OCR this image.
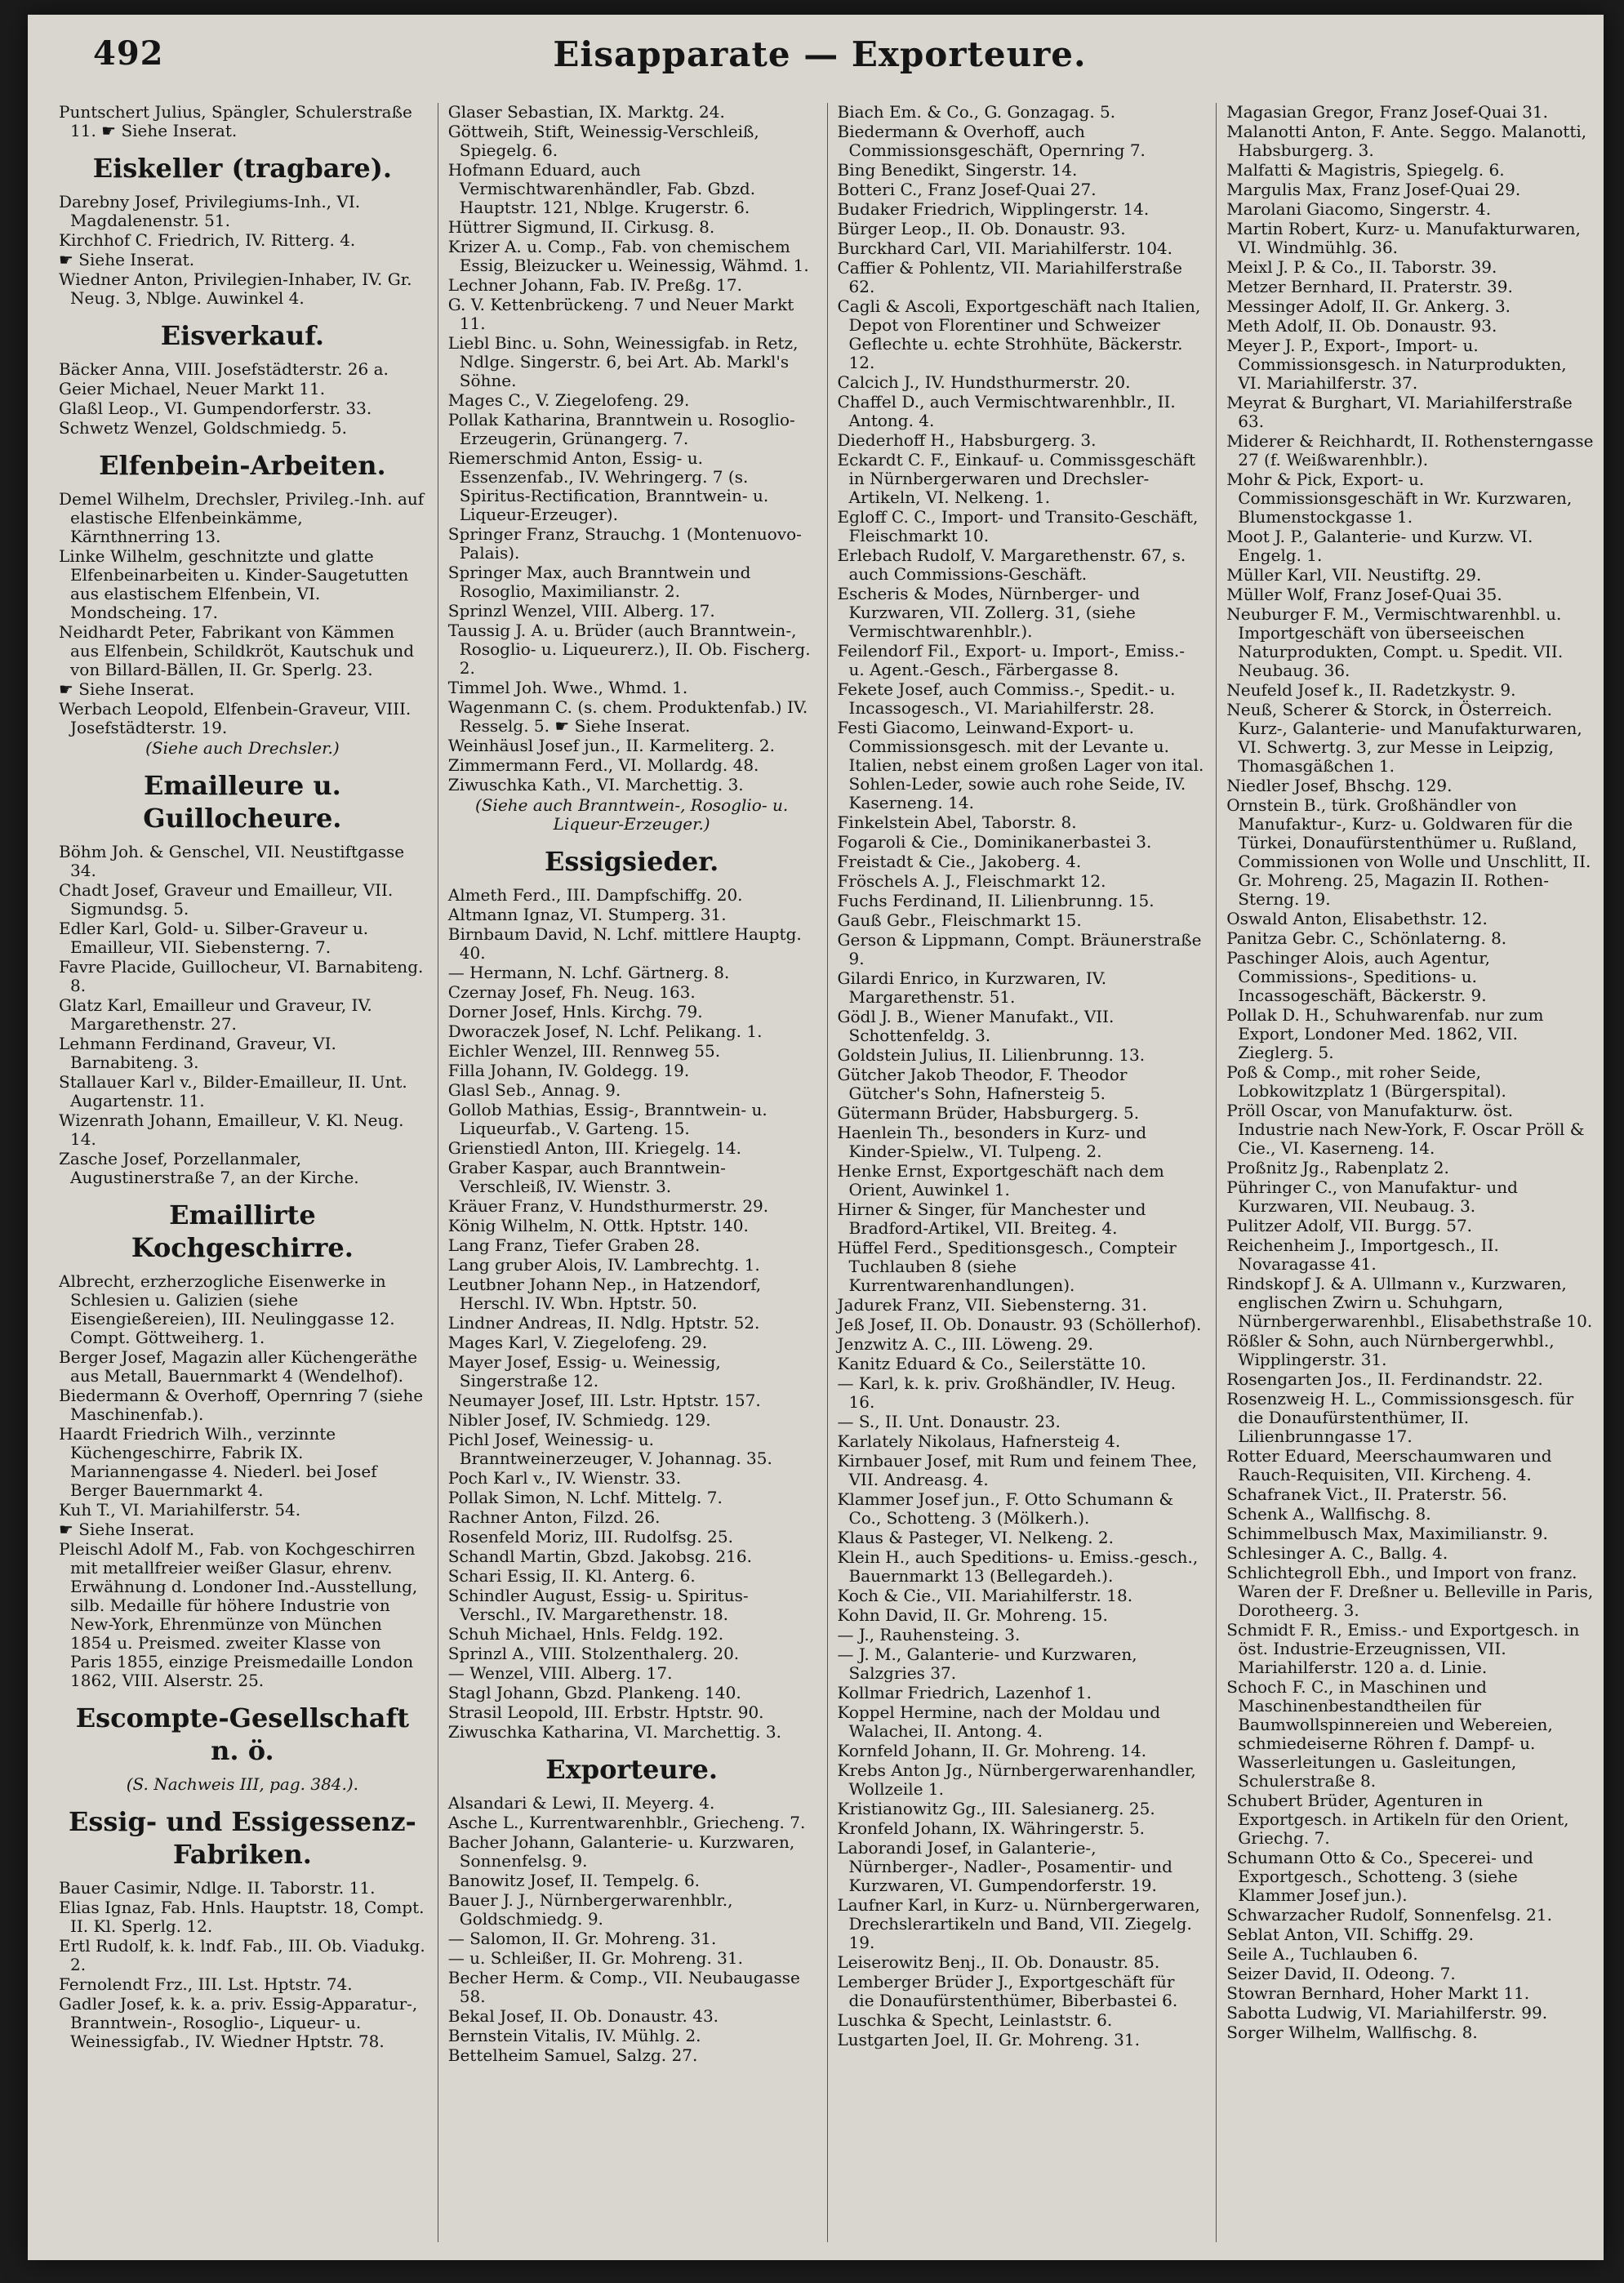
492	Eisapparate — Exporteure.
Puntschert Julius, Spängler, Schulerstraße 11. ☛ Siehe Inserat.
Eiskeller (tragbare).
Darebny Josef, Privilegiums-Inh., VI. Magdalenenstr. 51.
Kirchhof C. Friedrich, IV. Ritterg. 4.
☛ Siehe Inserat.
Wiedner Anton, Privilegien-Inhaber, IV. Gr. Neug. 3, Nblge. Auwinkel 4.
Eisverkauf.
Bäcker Anna, VIII. Josefstädterstr. 26 a.
Geier Michael, Neuer Markt 11.
Glaßl Leop., VI. Gumpendorferstr. 33.
Schwetz Wenzel, Goldschmiedg. 5.
Elfenbein-Arbeiten.
Demel Wilhelm, Drechsler, Privileg.-Inh. auf elastische Elfenbeinkämme, Kärnthnerring 13.
Linke Wilhelm, geschnitzte und glatte Elfenbeinarbeiten u. Kinder-Saugetutten aus elastischem Elfenbein, VI. Mondscheing. 17.
Neidhardt Peter, Fabrikant von Kämmen aus Elfenbein, Schildkröt, Kautschuk und von Billard-Bällen, II. Gr. Sperlg. 23.
☛ Siehe Inserat.
Werbach Leopold, Elfenbein-Graveur, VIII. Josefstädterstr. 19.
(Siehe auch Drechsler.)
Emailleure u. Guillocheure.
Böhm Joh. & Genschel, VII. Neustiftgasse 34.
Chadt Josef, Graveur und Emailleur, VII. Sigmundsg. 5.
Edler Karl, Gold- u. Silber-Graveur u. Emailleur, VII. Siebensterng. 7.
Favre Placide, Guillocheur, VI. Barnabiteng. 8.
Glatz Karl, Emailleur und Graveur, IV. Margarethenstr. 27.
Lehmann Ferdinand, Graveur, VI. Barnabiteng. 3.
Stallauer Karl v., Bilder-Emailleur, II. Unt. Augartenstr. 11.
Wizenrath Johann, Emailleur, V. Kl. Neug. 14.
Zasche Josef, Porzellanmaler, Augustinerstraße 7, an der Kirche.
Emaillirte Kochgeschirre.
Albrecht, erzherzogliche Eisenwerke in Schlesien u. Galizien (siehe Eisengießereien), III. Neulinggasse 12. Compt. Göttweiherg. 1.
Berger Josef, Magazin aller Küchengeräthe aus Metall, Bauernmarkt 4 (Wendelhof).
Biedermann & Overhoff, Opernring 7 (siehe Maschinenfab.).
Haardt Friedrich Wilh., verzinnte Küchengeschirre, Fabrik IX. Mariannengasse 4. Niederl. bei Josef Berger Bauernmarkt 4.
Kuh T., VI. Mariahilferstr. 54.
☛ Siehe Inserat.
Pleischl Adolf M., Fab. von Kochgeschirren mit metallfreier weißer Glasur, ehrenv. Erwähnung d. Londoner Ind.-Ausstellung, silb. Medaille für höhere Industrie von New-York, Ehrenmünze von München 1854 u. Preismed. zweiter Klasse von Paris 1855, einzige Preismedaille London 1862, VIII. Alserstr. 25.
Escompte-Gesellschaft n. ö.
(S. Nachweis III, pag. 384.).
Essig- und Essigessenz-Fabriken.
Bauer Casimir, Ndlge. II. Taborstr. 11.
Elias Ignaz, Fab. Hnls. Hauptstr. 18, Compt. II. Kl. Sperlg. 12.
Ertl Rudolf, k. k. lndf. Fab., III. Ob. Viadukg. 2.
Fernolendt Frz., III. Lst. Hptstr. 74.
Gadler Josef, k. k. a. priv. Essig-Apparatur-, Branntwein-, Rosoglio-, Liqueur- u. Weinessigfab., IV. Wiedner Hptstr. 78.
Glaser Sebastian, IX. Marktg. 24.
Göttweih, Stift, Weinessig-Verschleiß, Spiegelg. 6.
Hofmann Eduard, auch Vermischtwarenhändler, Fab. Gbzd. Hauptstr. 121, Nblge. Krugerstr. 6.
Hüttrer Sigmund, II. Cirkusg. 8.
Krizer A. u. Comp., Fab. von chemischem Essig, Bleizucker u. Weinessig, Wähmd. 1.
Lechner Johann, Fab. IV. Preßg. 17.
G. V. Kettenbrückeng. 7 und Neuer Markt 11.
Liebl Binc. u. Sohn, Weinessigfab. in Retz, Ndlge. Singerstr. 6, bei Art. Ab. Markl's Söhne.
Mages C., V. Ziegelofeng. 29.
Pollak Katharina, Branntwein u. Rosoglio-Erzeugerin, Grünangerg. 7.
Riemerschmid Anton, Essig- u. Essenzenfab., IV. Wehringerg. 7 (s. Spiritus-Rectification, Branntwein- u. Liqueur-Erzeuger).
Springer Franz, Strauchg. 1 (Montenuovo-Palais).
Springer Max, auch Branntwein und Rosoglio, Maximilianstr. 2.
Sprinzl Wenzel, VIII. Alberg. 17.
Taussig J. A. u. Brüder (auch Branntwein-, Rosoglio- u. Liqueurerz.), II. Ob. Fischerg. 2.
Timmel Joh. Wwe., Whmd. 1.
Wagenmann C. (s. chem. Produktenfab.) IV. Resselg. 5. ☛ Siehe Inserat.
Weinhäusl Josef jun., II. Karmeliterg. 2.
Zimmermann Ferd., VI. Mollardg. 48.
Ziwuschka Kath., VI. Marchettig. 3.
(Siehe auch Branntwein-, Rosoglio- u. Liqueur-Erzeuger.)
Essigsieder.
Almeth Ferd., III. Dampfschiffg. 20.
Altmann Ignaz, VI. Stumperg. 31.
Birnbaum David, N. Lchf. mittlere Hauptg. 40.
— Hermann, N. Lchf. Gärtnerg. 8.
Czernay Josef, Fh. Neug. 163.
Dorner Josef, Hnls. Kirchg. 79.
Dworaczek Josef, N. Lchf. Pelikang. 1.
Eichler Wenzel, III. Rennweg 55.
Filla Johann, IV. Goldegg. 19.
Glasl Seb., Annag. 9.
Gollob Mathias, Essig-, Branntwein- u. Liqueurfab., V. Garteng. 15.
Grienstiedl Anton, III. Kriegelg. 14.
Graber Kaspar, auch Branntwein-Verschleiß, IV. Wienstr. 3.
Kräuer Franz, V. Hundsthurmerstr. 29.
König Wilhelm, N. Ottk. Hptstr. 140.
Lang Franz, Tiefer Graben 28.
Lang gruber Alois, IV. Lambrechtg. 1.
Leutbner Johann Nep., in Hatzendorf, Herschl. IV. Wbn. Hptstr. 50.
Lindner Andreas, II. Ndlg. Hptstr. 52.
Mages Karl, V. Ziegelofeng. 29.
Mayer Josef, Essig- u. Weinessig, Singerstraße 12.
Neumayer Josef, III. Lstr. Hptstr. 157.
Nibler Josef, IV. Schmiedg. 129.
Pichl Josef, Weinessig- u. Branntweinerzeuger, V. Johannag. 35.
Poch Karl v., IV. Wienstr. 33.
Pollak Simon, N. Lchf. Mittelg. 7.
Rachner Anton, Filzd. 26.
Rosenfeld Moriz, III. Rudolfsg. 25.
Schandl Martin, Gbzd. Jakobsg. 216.
Schari Essig, II. Kl. Anterg. 6.
Schindler August, Essig- u. Spiritus-Verschl., IV. Margarethenstr. 18.
Schuh Michael, Hnls. Feldg. 192.
Sprinzl A., VIII. Stolzenthalerg. 20.
— Wenzel, VIII. Alberg. 17.
Stagl Johann, Gbzd. Plankeng. 140.
Strasil Leopold, III. Erbstr. Hptstr. 90.
Ziwuschka Katharina, VI. Marchettig. 3.
Exporteure.
Alsandari & Lewi, II. Meyerg. 4.
Asche L., Kurrentwarenhblr., Griecheng. 7.
Bacher Johann, Galanterie- u. Kurzwaren, Sonnenfelsg. 9.
Banowitz Josef, II. Tempelg. 6.
Bauer J. J., Nürnbergerwarenhblr., Goldschmiedg. 9.
— Salomon, II. Gr. Mohreng. 31.
— u. Schleißer, II. Gr. Mohreng. 31.
Becher Herm. & Comp., VII. Neubaugasse 58.
Bekal Josef, II. Ob. Donaustr. 43.
Bernstein Vitalis, IV. Mühlg. 2.
Bettelheim Samuel, Salzg. 27.
Biach Em. & Co., G. Gonzagag. 5.
Biedermann & Overhoff, auch Commissionsgeschäft, Opernring 7.
Bing Benedikt, Singerstr. 14.
Botteri C., Franz Josef-Quai 27.
Budaker Friedrich, Wipplingerstr. 14.
Bürger Leop., II. Ob. Donaustr. 93.
Burckhard Carl, VII. Mariahilferstr. 104.
Caffier & Pohlentz, VII. Mariahilferstraße 62.
Cagli & Ascoli, Exportgeschäft nach Italien, Depot von Florentiner und Schweizer Geflechte u. echte Strohhüte, Bäckerstr. 12.
Calcich J., IV. Hundsthurmerstr. 20.
Chaffel D., auch Vermischtwarenhblr., II. Antong. 4.
Diederhoff H., Habsburgerg. 3.
Eckardt C. F., Einkauf- u. Commissgeschäft in Nürnbergerwaren und Drechsler-Artikeln, VI. Nelkeng. 1.
Egloff C. C., Import- und Transito-Geschäft, Fleischmarkt 10.
Erlebach Rudolf, V. Margarethenstr. 67, s. auch Commissions-Geschäft.
Escheris & Modes, Nürnberger- und Kurzwaren, VII. Zollerg. 31, (siehe Vermischtwarenhblr.).
Feilendorf Fil., Export- u. Import-, Emiss.- u. Agent.-Gesch., Färbergasse 8.
Fekete Josef, auch Commiss.-, Spedit.- u. Incassogesch., VI. Mariahilferstr. 28.
Festi Giacomo, Leinwand-Export- u. Commissionsgesch. mit der Levante u. Italien, nebst einem großen Lager von ital. Sohlen-Leder, sowie auch rohe Seide, IV. Kaserneng. 14.
Finkelstein Abel, Taborstr. 8.
Fogaroli & Cie., Dominikanerbastei 3.
Freistadt & Cie., Jakoberg. 4.
Fröschels A. J., Fleischmarkt 12.
Fuchs Ferdinand, II. Lilienbrunng. 15.
Gauß Gebr., Fleischmarkt 15.
Gerson & Lippmann, Compt. Bräunerstraße 9.
Gilardi Enrico, in Kurzwaren, IV. Margarethenstr. 51.
Gödl J. B., Wiener Manufakt., VII. Schottenfeldg. 3.
Goldstein Julius, II. Lilienbrunng. 13.
Gütcher Jakob Theodor, F. Theodor Gütcher's Sohn, Hafnersteig 5.
Gütermann Brüder, Habsburgerg. 5.
Haenlein Th., besonders in Kurz- und Kinder-Spielw., VI. Tulpeng. 2.
Henke Ernst, Exportgeschäft nach dem Orient, Auwinkel 1.
Hirner & Singer, für Manchester und Bradford-Artikel, VII. Breiteg. 4.
Hüffel Ferd., Speditionsgesch., Compteir Tuchlauben 8 (siehe Kurrentwarenhandlungen).
Jadurek Franz, VII. Siebensterng. 31.
Jeß Josef, II. Ob. Donaustr. 93 (Schöllerhof).
Jenzwitz A. C., III. Löweng. 29.
Kanitz Eduard & Co., Seilerstätte 10.
— Karl, k. k. priv. Großhändler, IV. Heug. 16.
— S., II. Unt. Donaustr. 23.
Karlately Nikolaus, Hafnersteig 4.
Kirnbauer Josef, mit Rum und feinem Thee, VII. Andreasg. 4.
Klammer Josef jun., F. Otto Schumann & Co., Schotteng. 3 (Mölkerh.).
Klaus & Pasteger, VI. Nelkeng. 2.
Klein H., auch Speditions- u. Emiss.-gesch., Bauernmarkt 13 (Bellegardeh.).
Koch & Cie., VII. Mariahilferstr. 18.
Kohn David, II. Gr. Mohreng. 15.
— J., Rauhensteing. 3.
— J. M., Galanterie- und Kurzwaren, Salzgries 37.
Kollmar Friedrich, Lazenhof 1.
Koppel Hermine, nach der Moldau und Walachei, II. Antong. 4.
Kornfeld Johann, II. Gr. Mohreng. 14.
Krebs Anton Jg., Nürnbergerwarenhandler, Wollzeile 1.
Kristianowitz Gg., III. Salesianerg. 25.
Kronfeld Johann, IX. Währingerstr. 5.
Laborandi Josef, in Galanterie-, Nürnberger-, Nadler-, Posamentir- und Kurzwaren, VI. Gumpendorferstr. 19.
Laufner Karl, in Kurz- u. Nürnbergerwaren, Drechslerartikeln und Band, VII. Ziegelg. 19.
Leiserowitz Benj., II. Ob. Donaustr. 85.
Lemberger Brüder J., Exportgeschäft für die Donaufürstenthümer, Biberbastei 6.
Luschka & Specht, Leinlaststr. 6.
Lustgarten Joel, II. Gr. Mohreng. 31.
Magasian Gregor, Franz Josef-Quai 31.
Malanotti Anton, F. Ante. Seggo. Malanotti, Habsburgerg. 3.
Malfatti & Magistris, Spiegelg. 6.
Margulis Max, Franz Josef-Quai 29.
Marolani Giacomo, Singerstr. 4.
Martin Robert, Kurz- u. Manufakturwaren, VI. Windmühlg. 36.
Meixl J. P. & Co., II. Taborstr. 39.
Metzer Bernhard, II. Praterstr. 39.
Messinger Adolf, II. Gr. Ankerg. 3.
Meth Adolf, II. Ob. Donaustr. 93.
Meyer J. P., Export-, Import- u. Commissionsgesch. in Naturprodukten, VI. Mariahilferstr. 37.
Meyrat & Burghart, VI. Mariahilferstraße 63.
Miderer & Reichhardt, II. Rothensterngasse 27 (f. Weißwarenhblr.).
Mohr & Pick, Export- u. Commissionsgeschäft in Wr. Kurzwaren, Blumenstockgasse 1.
Moot J. P., Galanterie- und Kurzw. VI. Engelg. 1.
Müller Karl, VII. Neustiftg. 29.
Müller Wolf, Franz Josef-Quai 35.
Neuburger F. M., Vermischtwarenhbl. u. Importgeschäft von überseeischen Naturprodukten, Compt. u. Spedit. VII. Neubaug. 36.
Neufeld Josef k., II. Radetzkystr. 9.
Neuß, Scherer & Storck, in Österreich. Kurz-, Galanterie- und Manufakturwaren, VI. Schwertg. 3, zur Messe in Leipzig, Thomasgäßchen 1.
Niedler Josef, Bhschg. 129.
Ornstein B., türk. Großhändler von Manufaktur-, Kurz- u. Goldwaren für die Türkei, Donaufürstenthümer u. Rußland, Commissionen von Wolle und Unschlitt, II. Gr. Mohreng. 25, Magazin II. Rothen-Sterng. 19.
Oswald Anton, Elisabethstr. 12.
Panitza Gebr. C., Schönlaterng. 8.
Paschinger Alois, auch Agentur, Commissions-, Speditions- u. Incassogeschäft, Bäckerstr. 9.
Pollak D. H., Schuhwarenfab. nur zum Export, Londoner Med. 1862, VII. Zieglerg. 5.
Poß & Comp., mit roher Seide, Lobkowitzplatz 1 (Bürgerspital).
Pröll Oscar, von Manufakturw. öst. Industrie nach New-York, F. Oscar Pröll & Cie., VI. Kaserneng. 14.
Proßnitz Jg., Rabenplatz 2.
Pühringer C., von Manufaktur- und Kurzwaren, VII. Neubaug. 3.
Pulitzer Adolf, VII. Burgg. 57.
Reichenheim J., Importgesch., II. Novaragasse 41.
Rindskopf J. & A. Ullmann v., Kurzwaren, englischen Zwirn u. Schuhgarn, Nürnbergerwarenhbl., Elisabethstraße 10.
Rößler & Sohn, auch Nürnbergerwhbl., Wipplingerstr. 31.
Rosengarten Jos., II. Ferdinandstr. 22.
Rosenzweig H. L., Commissionsgesch. für die Donaufürstenthümer, II. Lilienbrunngasse 17.
Rotter Eduard, Meerschaumwaren und Rauch-Requisiten, VII. Kircheng. 4.
Schafranek Vict., II. Praterstr. 56.
Schenk A., Wallfischg. 8.
Schimmelbusch Max, Maximilianstr. 9.
Schlesinger A. C., Ballg. 4.
Schlichtegroll Ebh., und Import von franz. Waren der F. Dreßner u. Belleville in Paris, Dorotheerg. 3.
Schmidt F. R., Emiss.- und Exportgesch. in öst. Industrie-Erzeugnissen, VII. Mariahilferstr. 120 a. d. Linie.
Schoch F. C., in Maschinen und Maschinenbestandtheilen für Baumwollspinnereien und Webereien, schmiedeiserne Röhren f. Dampf- u. Wasserleitungen u. Gasleitungen, Schulerstraße 8.
Schubert Brüder, Agenturen in Exportgesch. in Artikeln für den Orient, Griechg. 7.
Schumann Otto & Co., Specerei- und Exportgesch., Schotteng. 3 (siehe Klammer Josef jun.).
Schwarzacher Rudolf, Sonnenfelsg. 21.
Seblat Anton, VII. Schiffg. 29.
Seile A., Tuchlauben 6.
Seizer David, II. Odeong. 7.
Stowran Bernhard, Hoher Markt 11.
Sabotta Ludwig, VI. Mariahilferstr. 99.
Sorger Wilhelm, Wallfischg. 8.
